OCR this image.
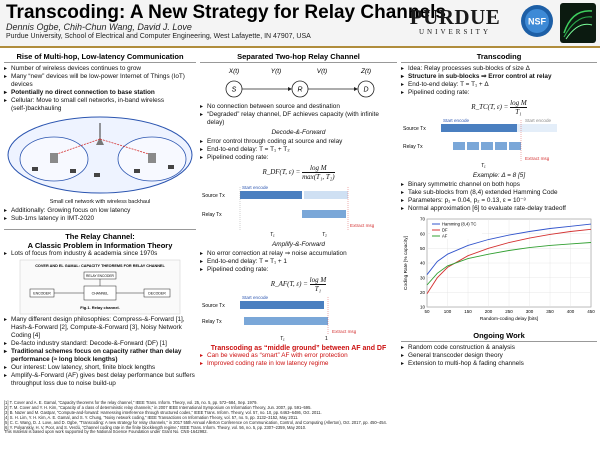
Transcoding: A New Strategy for Relay Channels
Dennis Ogbe, Chih-Chun Wang, David J. Love
Purdue University, School of Electrical and Computer Engineering, West Lafayette, IN 47907, USA
PURDUE
UNIVERSITY
NSF
Rise of Multi-hop, Low-latency Communication
▸ Number of wireless devices continues to grow
▸ Many “new” devices will be low-power Internet of Things (IoT) devices
▸ Potentially no direct connection to base station
▸ Cellular: Move to small cell networks, in-band wireless (self-)backhauling
Small cell network with wireless backhaul
▸ Additionally: Growing focus on low latency
▸ Sub-1ms latency in IMT-2020
The Relay Channel:
A Classic Problem in Information Theory
▸ Lots of focus from industry & academia since 1970s
COVER AND EL GAMAL: CAPACITY THEOREMS FOR RELAY CHANNEL
ENCODER
RELAY ENCODER
CHANNEL	DECODER
Fig.1. Relay channel.
▸ Many different design philosophies: Compress-&-Forward [1], Hash-&-Forward [2], Compute-&-Forward [3], Noisy Network Coding [4]
▸ De-facto industry standard: Decode-&-Forward (DF) [1]
▸ Traditional schemes focus on capacity rather than delay performance (≈ long block lengths)
▸ Our interest: Low latency, short, finite block lengths
▸ Amplify-&-Forward (AF) gives best delay performance but suffers throughput loss due to noise build-up
Separated Two-hop Relay Channel
X(t)	Y(t)	V(t)	Z(t)
S	R	D
▸ No connection between source and destination
▸ “Degraded” relay channel, DF achieves capacity (with infinite delay)
Decode-&-Forward
▸ Error control through coding at source and relay
▸ End-to-end delay: T = T₁ + T₂
▸ Pipelined coding rate:
R_DF(T, ε) =
log M
max(T₁, T₂)
Source Tx
Relay Tx
Start encode
Extract msg
T₁	T₂
Amplify-&-Forward
▸ No error correction at relay ⇒ noise accumulation
▸ End-to-end delay: T = T₁ + 1
▸ Pipelined coding rate:
R_AF(T, $\varepsilon) = \frac{\text{log M}}{\text{T₁}}$
Source Tx
Relay Tx
Start encode
Extract msg
T₁	1
Transcoding as “middle ground” between AF and DF
▸ Can be viewed as “smart” AF with error protection
▸ Improved coding rate in low latency regime
Transcoding
▸ Idea: Relay processes sub-blocks of size Δ
▸ Structure in sub-blocks ⇒ Error control at relay
▸ End-to-end delay: T = T₁ + Δ
▸ Pipelined coding rate:
R_TC(T, $\varepsilon) = \frac{\text{log M}}{\text{T₁}}$
Source Tx
Relay Tx
Start encode	Start encode
Extract msg
T₁
Example: Δ = 8 [5]
▸ Binary symmetric channel on both hops
▸ Take sub-blocks from (8,4) extended Hamming Code
▸ Parameters: p₁ = 0.04, p₂ = 0.13, ε = 10⁻³
▸ Normal approximation [6] to evaluate rate-delay tradeoff
10
20
30
40
50
60
70
50	100	150	200	250	300	350	400	450
Random-coding delay [bits]
Coding Rate [% capacity]
Hamming (8,4) TC
DF
AF
Ongoing Work
▸ Random code construction & analysis
▸ General transcoder design theory
▸ Extension to multi-hop & fading channels
[1] T. Cover and A. E. Gamal, “Capacity theorems for the relay channel,” IEEE Trans. Inform. Theory, vol. 25, no. 5, pp. 572–584, Sep. 1979.
[2] T. M. Cover and Y. H. Kim, “Capacity of a class of deterministic relay channels,” in 2007 IEEE International Symposium on Information Theory, Jun. 2007, pp. 591–595.
[3] B. Nazer and M. Gastpar, “Compute-and-forward: Harnessing interference through structured codes,” IEEE Trans. Inform. Theory, vol. 57, no. 10, pp. 6463–6486, Oct. 2011.
[4] S. H. Lim, Y. H. Kim, A. E. Gamal, and S. Y. Chung, “Noisy network coding,” IEEE Transactions on Information Theory, vol. 57, no. 5, pp. 3132–3152, May 2011.
[5] C. C. Wang, D. J. Love, and D. Ogbe, “Transcoding: A new strategy for relay channels,” in 2017 55th Annual Allerton Conference on Communication, Control, and Computing (Allerton), Oct. 2017, pp. 450–454.
[6] Y. Polyanskiy, H. V. Poor, and S. Verdú, “Channel coding rate in the finite blocklength regime,” IEEE Trans. Inform. Theory, vol. 56, no. 5, pp. 2307–2359, May 2010.
This material is based upon work supported by the National Science Foundation under Grant No. CNS-1642982.
